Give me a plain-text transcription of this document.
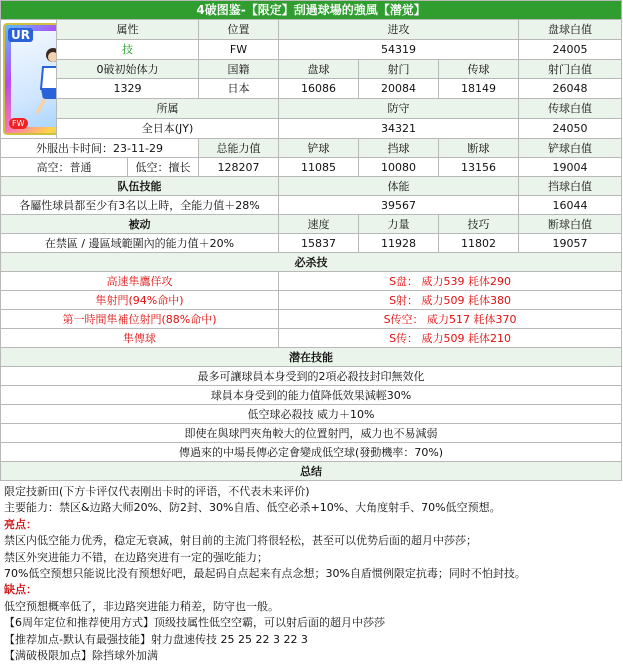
4破图鉴-【限定】刮過球場的強風【潜觉】							

UR
FW	属性		位置	进攻			盘球白值
	技		FW	54319			24005
	0破初始体力		国籍	盘球	射门	传球	射门白值
	1329		日本	16086	20084	18149	26048
	所属			防守			传球白值
	全日本(JY)			34321			24050
外服出卡时间：23-11-29			总能力值	铲球	挡球	断球	铲球白值
高空：普通		低空：擅长	128207	11085	10080	13156	19004
队伍技能				体能			挡球白值
各屬性球員都至少有3名以上時，全能力值＋28%				39567			16044
被动				速度	力量	技巧	断球白值
在禁區 / 邊區域範圍內的能力值＋20%				15837	11928	11802	19057
必杀技							
高速隼鷹佯攻				S盘： 威力539 耗体290			
隼射門(94%命中)				S射： 威力509 耗体380			
第一時間隼補位射門(88%命中)				S传空： 威力517 耗体370			
隼傳球				S传： 威力509 耗体210			
潜在技能							
最多可讓球員本身受到的2項必殺技封印無效化							
球員本身受到的能力值降低效果減輕30%							
低空球必殺技 威力＋10%							
即使在與球門夾角較大的位置射門，威力也不易減弱							
傳過來的中場長傳必定會變成低空球(發動機率：70%)							
总结							
限定技新田(下方卡评仅代表刚出卡时的评语，不代表未来评价)
主要能力：禁区&边路大师20%、防2封、30%自盾、低空必杀+10%、大角度射手、70%低空预想。
亮点：
禁区内低空能力优秀，稳定无衰减，射目前的主流门将很轻松，甚至可以优势后面的超月中莎莎；
禁区外突进能力不错，在边路突进有一定的强吃能力；
70%低空预想只能说比没有预想好吧，最起码自点起来有点念想；30%自盾惯例限定抗毒；同时不怕封技。
缺点：
低空预想概率低了，非边路突进能力稍差，防守也一般。
【6周年定位和推荐使用方式】顶级技属性低空空霸，可以射后面的超月中莎莎
【推荐加点-默认有最强技能】射力盘速传技 25 25 22 3 22 3
【满破极限加点】除挡球外加满
